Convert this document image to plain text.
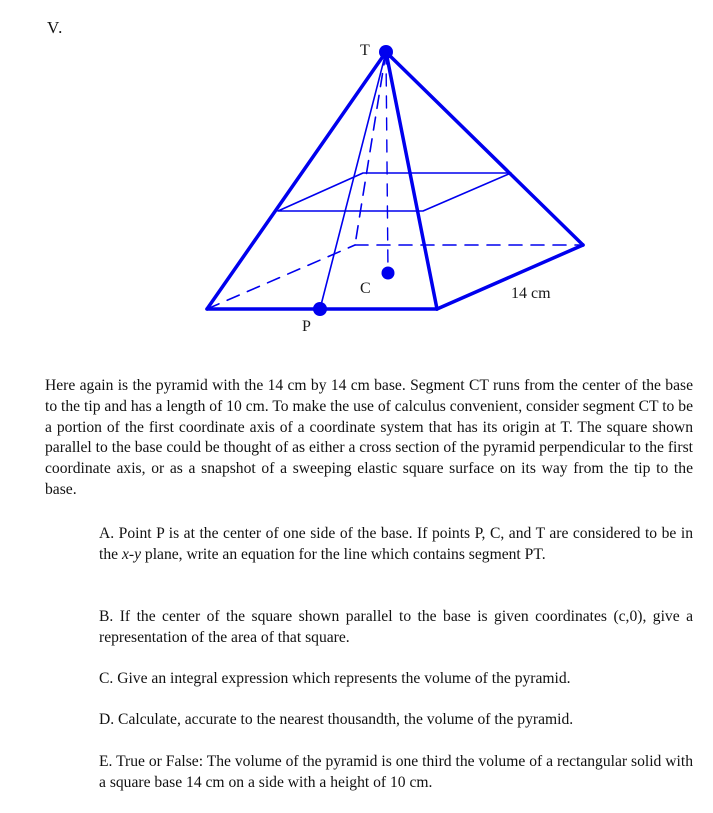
V.
T
C
P
14 cm

Here again is the pyramid with the 14 cm by 14 cm base. Segment CT runs from the center of the base to the tip and has a length of 10 cm. To make the use of calculus convenient, consider segment CT to be a portion of the first coordinate axis of a coordinate system that has its origin at T. The square shown parallel to the base could be thought of as either a cross section of the pyramid perpendicular to the first coordinate axis, or as a snapshot of a sweeping elastic square surface on its way from the tip to the base.

A. Point P is at the center of one side of the base. If points P, C, and T are considered to be in the x-y plane, write an equation for the line which contains segment PT.

B. If the center of the square shown parallel to the base is given coordinates (c,0), give a representation of the area of that square.

C. Give an integral expression which represents the volume of the pyramid.

D. Calculate, accurate to the nearest thousandth, the volume of the pyramid.

E. True or False: The volume of the pyramid is one third the volume of a rectangular solid with a square base 14 cm on a side with a height of 10 cm.
